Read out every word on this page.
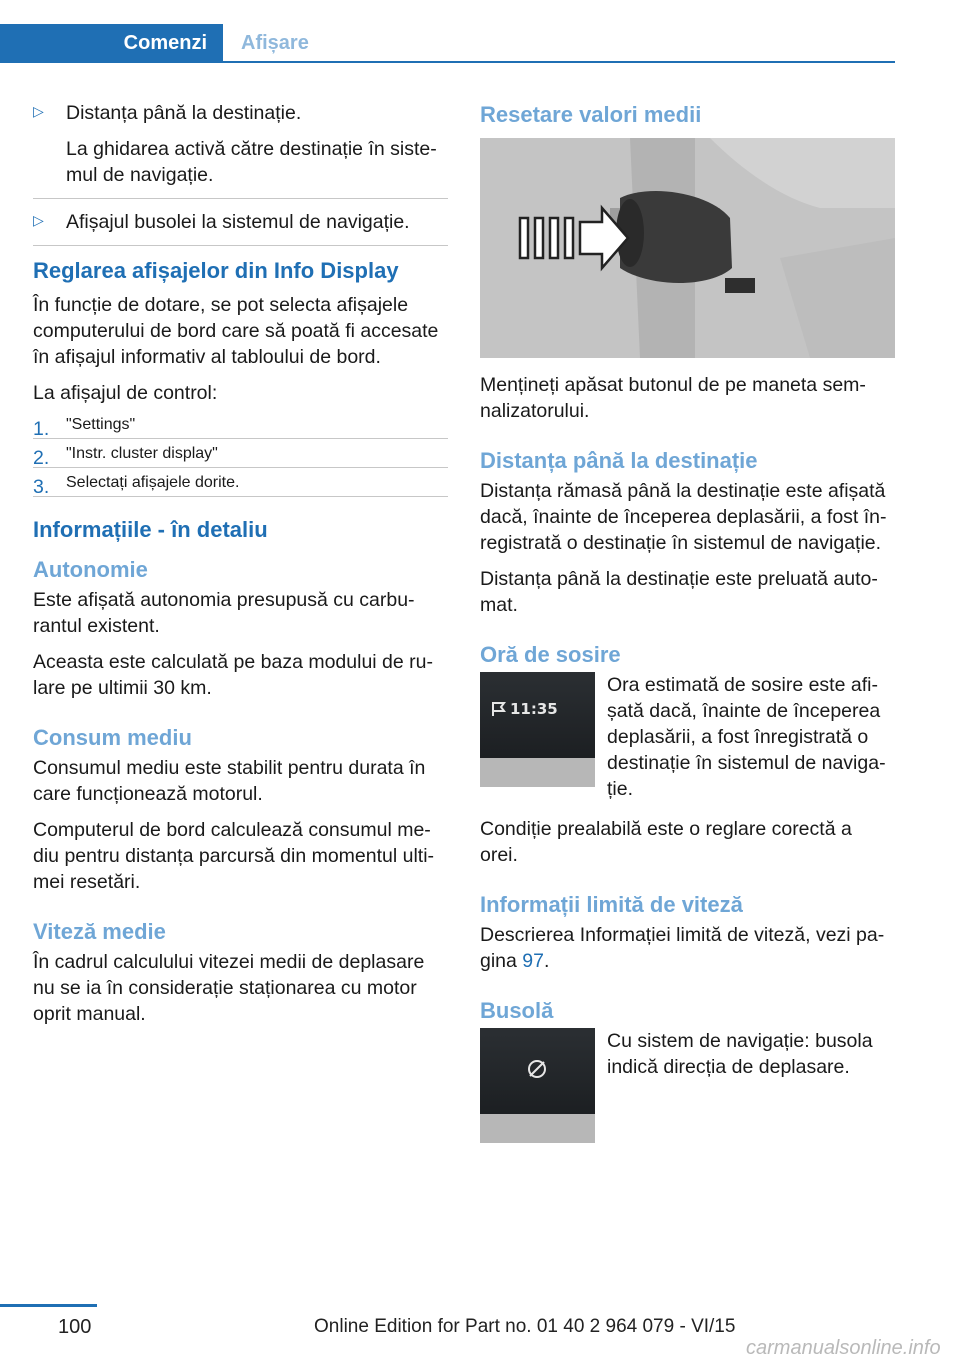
Comenzi Afișare
▷ Distanța până la destinație.

La ghidarea activă către destinație în siste‐mul de navigație.

▷ Afișajul busolei la sistemul de navigație.

Reglarea afișajelor din Info Display

În funcție de dotare, se pot selecta afișajele computerului de bord care să poată fi accesate în afișajul informativ al tabloului de bord.

La afișajul de control:

1. "Settings"
2. "Instr. cluster display"
3. Selectați afișajele dorite.
Informațiile - în detaliu
Autonomie

Este afișată autonomia presupusă cu carbu‐rantul existent.

Aceasta este calculată pe baza modului de ru‐lare pe ultimii 30 km.

Consum mediu

Consumul mediu este stabilit pentru durata în care funcționează motorul.

Computerul de bord calculează consumul me‐diu pentru distanța parcursă din momentul ulti‐mei resetări.

Viteză medie

În cadrul calculului vitezei medii de deplasare nu se ia în considerație staționarea cu motor oprit manual.

Resetare valori medii

Mențineți apăsat butonul de pe maneta sem‐nalizatorului.

Distanța până la destinație

Distanța rămasă până la destinație este afișată dacă, înainte de începerea deplasării, a fost în‐registrată o destinație în sistemul de navigație.

Distanța până la destinație este preluată auto‐mat.

Oră de sosire
11:35

Ora estimată de sosire este afi‐șată dacă, înainte de începerea deplasării, a fost înregistrată o destinație în sistemul de naviga‐ție.

Condiție prealabilă este o reglare corectă a orei.

Informații limită de viteză

Descrierea Informației limită de viteză, vezi pa‐gina 97.

Busolă

Cu sistem de navigație: busola indică direcția de deplasare.

100	Online Edition for Part no. 01 40 2 964 079 - VI/15
carmanualsonline.info
